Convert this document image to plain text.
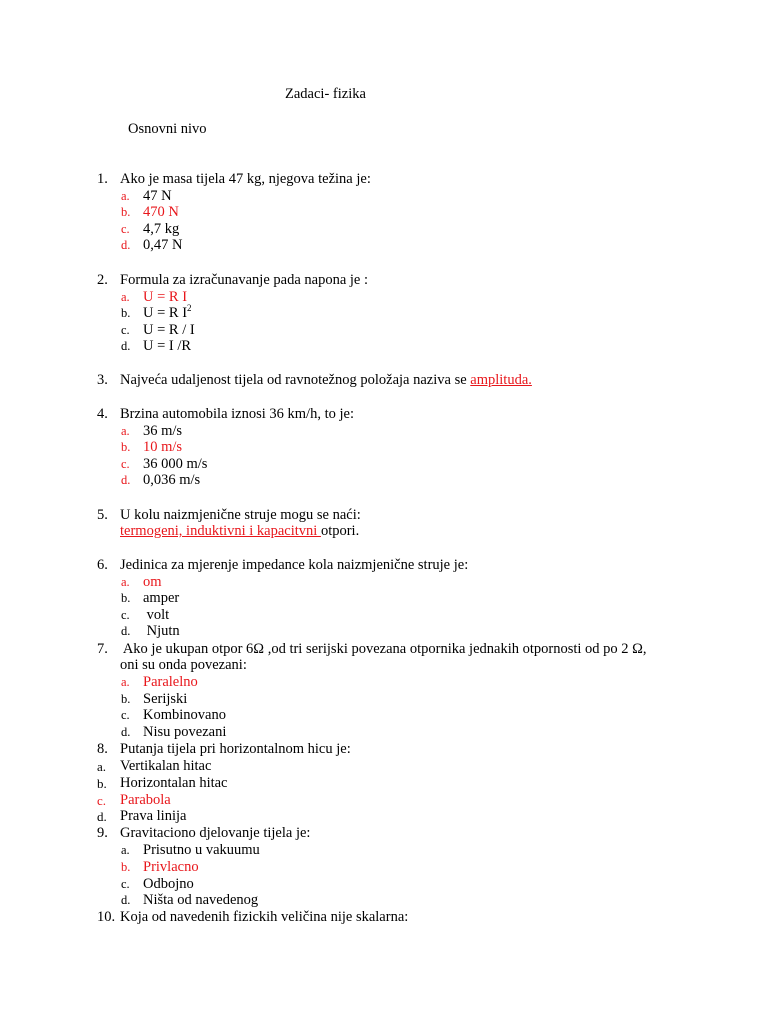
Zadaci- fizika
Osnovni nivo
1. Ako je masa tijela 47 kg, njegova težina je:
a. 47 N
b. 470 N
c. 4,7 kg
d. 0,47 N
2. Formula za izračunavanje pada napona je :
a. U = R I
b. U = R $I^2$
c. U = R / I
d. U = I /R
3. Najveća udaljenost tijela od ravnotežnog položaja naziva se amplituda.
4. Brzina automobila iznosi 36 km/h, to je:
a. 36 m/s
b. 10 m/s
c. 36 000 m/s
d. 0,036 m/s
5. U kolu naizmjenične struje mogu se naći:
termogeni, induktivni i kapacitvni otpori.
6. Jedinica za mjerenje impedance kola naizmjenične struje je:
a. om
b. amper
c. volt
d. Njutn
7. Ako je ukupan otpor 6Ω ,od tri serijski povezana otpornika jednakih otpornosti od po 2 Ω,
oni su onda povezani:
a. Paralelno
b. Serijski
c. Kombinovano
d. Nisu povezani
8. Putanja tijela pri horizontalnom hicu je:
a. Vertikalan hitac
b. Horizontalan hitac
c. Parabola
d. Prava linija
9. Gravitaciono djelovanje tijela je:
a. Prisutno u vakuumu
b. Privlacno
c. Odbojno
d. Ništa od navedenog
10. Koja od navedenih fizickih veličina nije skalarna:
